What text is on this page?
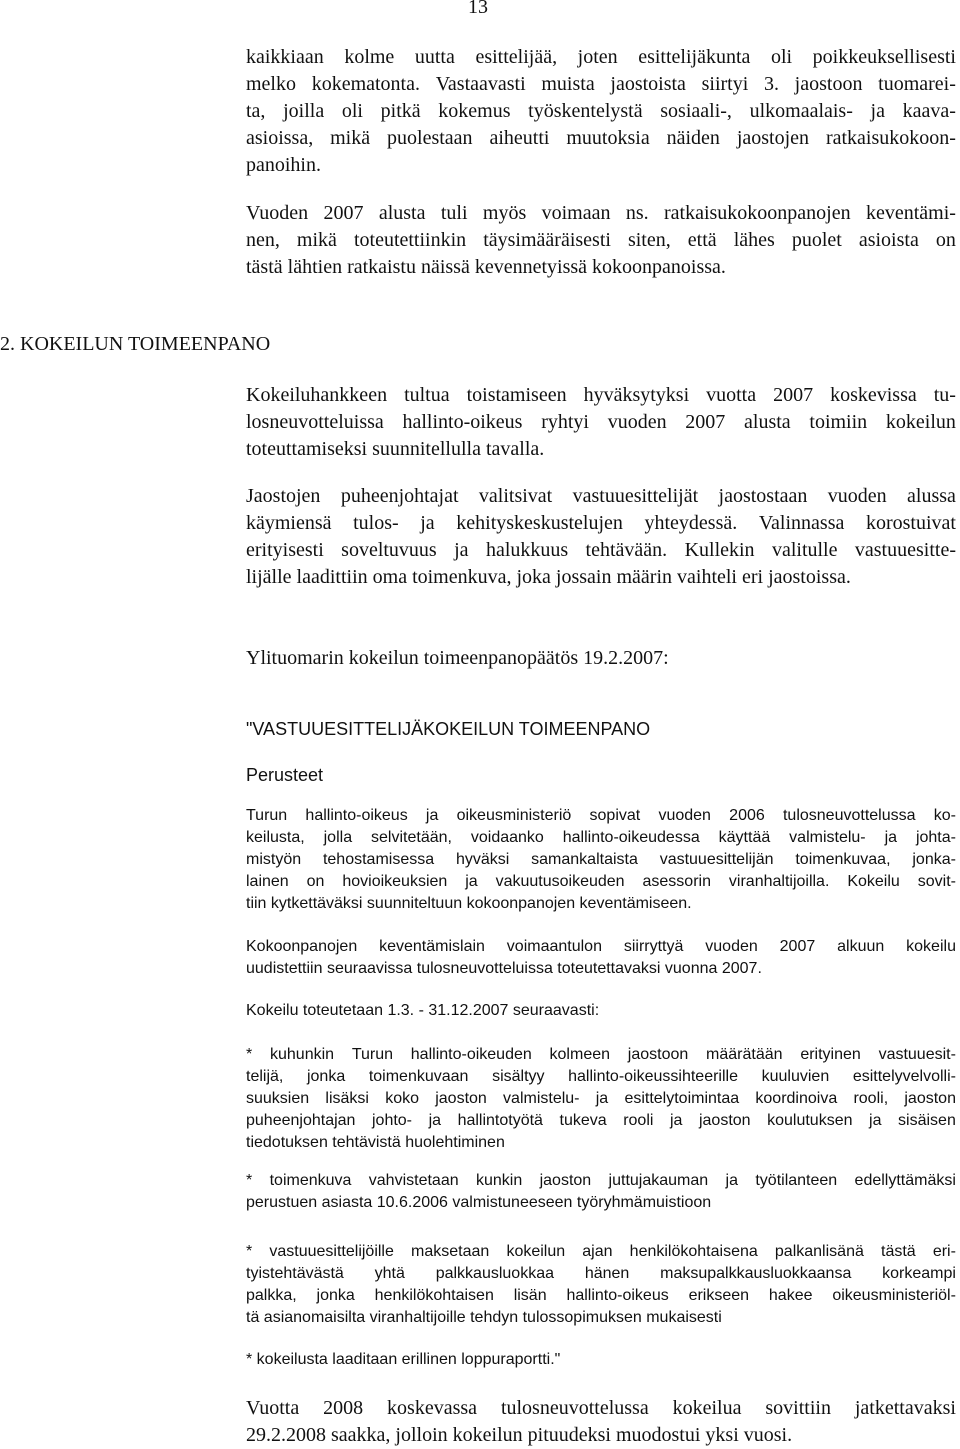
13
kaikkiaan kolme uutta esittelijää, joten esittelijäkunta oli poikkeuksellisesti
melko kokematonta. Vastaavasti muista jaostoista siirtyi 3. jaostoon tuomarei-
ta, joilla oli pitkä kokemus työskentelystä sosiaali-, ulkomaalais- ja kaava-
asioissa, mikä puolestaan aiheutti muutoksia näiden jaostojen ratkaisukokoon-
panoihin.
Vuoden 2007 alusta tuli myös voimaan ns. ratkaisukokoonpanojen keventämi-
nen, mikä toteutettiinkin täysimääräisesti siten, että lähes puolet asioista on
tästä lähtien ratkaistu näissä kevennetyissä kokoonpanoissa.
2. KOKEILUN TOIMEENPANO
Kokeiluhankkeen tultua toistamiseen hyväksytyksi vuotta 2007 koskevissa tu-
losneuvotteluissa hallinto-oikeus ryhtyi vuoden 2007 alusta toimiin kokeilun
toteuttamiseksi suunnitellulla tavalla.
Jaostojen puheenjohtajat valitsivat vastuuesittelijät jaostostaan vuoden alussa
käymiensä tulos- ja kehityskeskustelujen yhteydessä. Valinnassa korostuivat
erityisesti soveltuvuus ja halukkuus tehtävään. Kullekin valitulle vastuuesitte-
lijälle laadittiin oma toimenkuva, joka jossain määrin vaihteli eri jaostoissa.
Ylituomarin kokeilun toimeenpanopäätös 19.2.2007:
"VASTUUESITTELIJÄKOKEILUN TOIMEENPANO
Perusteet
Turun hallinto-oikeus ja oikeusministeriö sopivat vuoden 2006 tulosneuvottelussa ko-
keilusta, jolla selvitetään, voidaanko hallinto-oikeudessa käyttää valmistelu- ja johta-
mistyön tehostamisessa hyväksi samankaltaista vastuuesittelijän toimenkuvaa, jonka-
lainen on hovioikeuksien ja vakuutusoikeuden asessorin viranhaltijoilla. Kokeilu sovit-
tiin kytkettäväksi suunniteltuun kokoonpanojen keventämiseen.
Kokoonpanojen keventämislain voimaantulon siirryttyä vuoden 2007 alkuun kokeilu
uudistettiin seuraavissa tulosneuvotteluissa toteutettavaksi vuonna 2007.
Kokeilu toteutetaan 1.3. - 31.12.2007 seuraavasti:
* kuhunkin Turun hallinto-oikeuden kolmeen jaostoon määrätään erityinen vastuuesit-
telijä, jonka toimenkuvaan sisältyy hallinto-oikeussihteerille kuuluvien esittelyvelvolli-
suuksien lisäksi koko jaoston valmistelu- ja esittelytoimintaa koordinoiva rooli, jaoston
puheenjohtajan johto- ja hallintotyötä tukeva rooli ja jaoston koulutuksen ja sisäisen
tiedotuksen tehtävistä huolehtiminen
* toimenkuva vahvistetaan kunkin jaoston juttujakauman ja työtilanteen edellyttämäksi
perustuen asiasta 10.6.2006 valmistuneeseen työryhmämuistioon
* vastuuesittelijöille maksetaan kokeilun ajan henkilökohtaisena palkanlisänä tästä eri-
tyistehtävästä yhtä palkkausluokkaa hänen maksupalkkausluokkaansa korkeampi
palkka, jonka henkilökohtaisen lisän hallinto-oikeus erikseen hakee oikeusministeriöl-
tä asianomaisilta viranhaltijoille tehdyn tulossopimuksen mukaisesti
* kokeilusta laaditaan erillinen loppuraportti."
Vuotta 2008 koskevassa tulosneuvottelussa kokeilua sovittiin jatkettavaksi
29.2.2008 saakka, jolloin kokeilun pituudeksi muodostui yksi vuosi.
